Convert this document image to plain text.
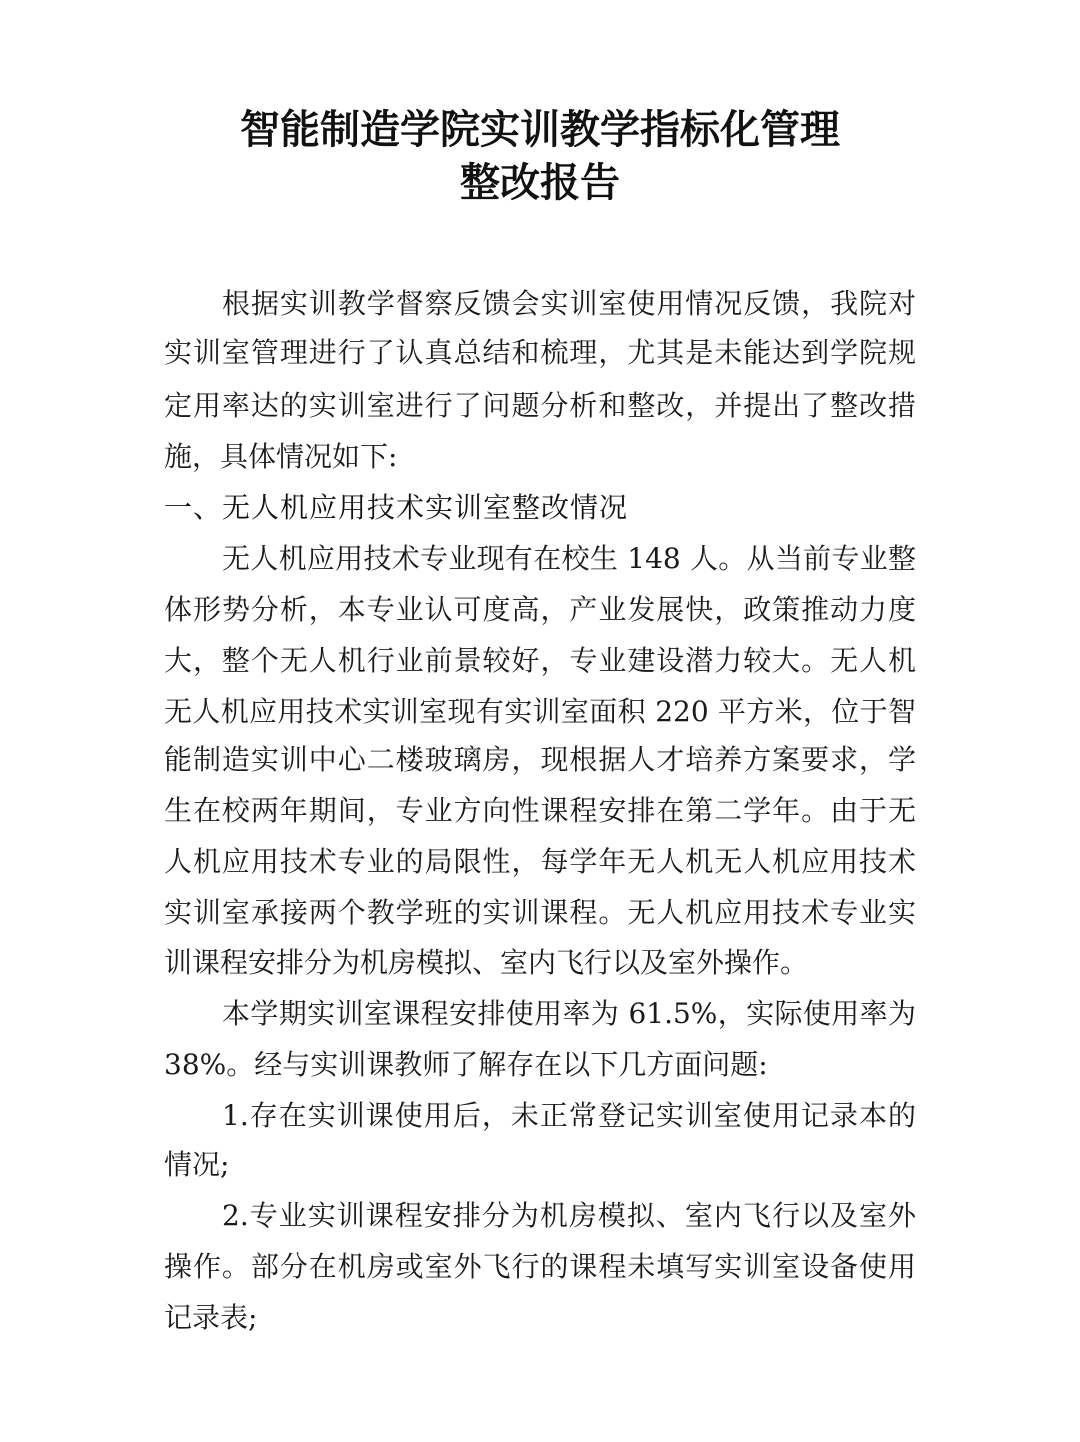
智能制造学院实训教学指标化管理
整改报告
根据实训教学督察反馈会实训室使用情况反馈，我院对
实训室管理进行了认真总结和梳理，尤其是未能达到学院规
定用率达的实训室进行了问题分析和整改，并提出了整改措
施，具体情况如下:
一、无人机应用技术实训室整改情况
无人机应用技术专业现有在校生 148 人。从当前专业整
体形势分析，本专业认可度高，产业发展快，政策推动力度
大，整个无人机行业前景较好，专业建设潜力较大。无人机
无人机应用技术实训室现有实训室面积 220 平方米，位于智
能制造实训中心二楼玻璃房，现根据人才培养方案要求，学
生在校两年期间，专业方向性课程安排在第二学年。由于无
人机应用技术专业的局限性，每学年无人机无人机应用技术
实训室承接两个教学班的实训课程。无人机应用技术专业实
训课程安排分为机房模拟、室内飞行以及室外操作。
本学期实训室课程安排使用率为 61.5%，实际使用率为
38%。经与实训课教师了解存在以下几方面问题:
1.存在实训课使用后，未正常登记实训室使用记录本的
情况;
2.专业实训课程安排分为机房模拟、室内飞行以及室外
操作。部分在机房或室外飞行的课程未填写实训室设备使用
记录表;
